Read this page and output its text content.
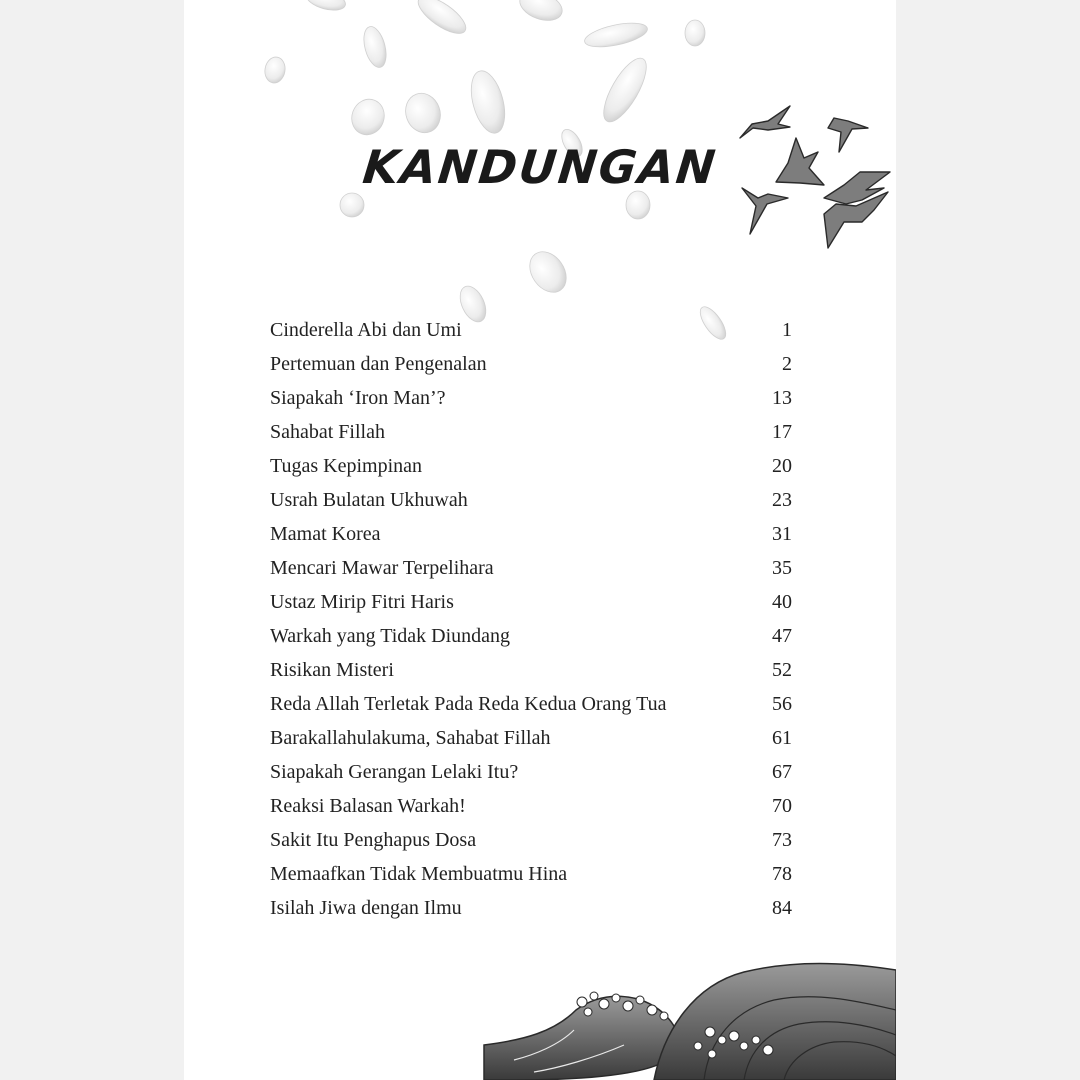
KANDUNGAN
Cinderella Abi dan Umi	1
Pertemuan dan Pengenalan	2
Siapakah ‘Iron Man’?	13
Sahabat Fillah	17
Tugas Kepimpinan	20
Usrah Bulatan Ukhuwah	23
Mamat Korea	31
Mencari Mawar Terpelihara	35
Ustaz Mirip Fitri Haris	40
Warkah yang Tidak Diundang	47
Risikan Misteri	52
Reda Allah Terletak Pada Reda Kedua Orang Tua	56
Barakallahulakuma, Sahabat Fillah	61
Siapakah Gerangan Lelaki Itu?	67
Reaksi Balasan Warkah!	70
Sakit Itu Penghapus Dosa	73
Memaafkan Tidak Membuatmu Hina	78
Isilah Jiwa dengan Ilmu	84
